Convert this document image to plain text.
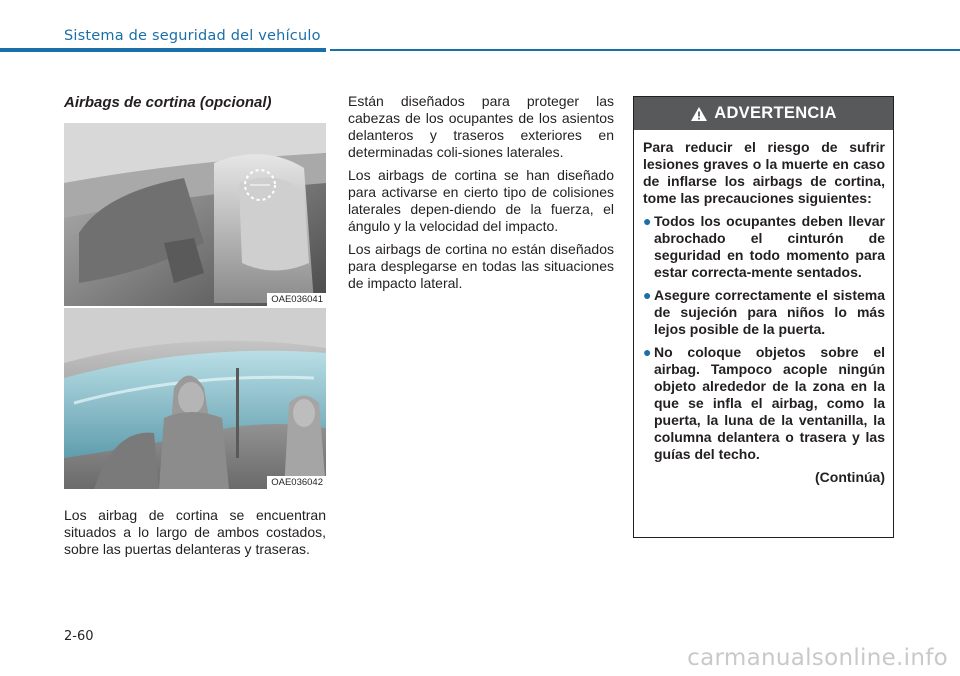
Sistema de seguridad del vehículo
Airbags de cortina (opcional)
OAE036041
OAE036042

Los airbag de cortina se encuentran situados a lo largo de ambos costados, sobre las puertas delanteras y traseras.

Están diseñados para proteger las cabezas de los ocupantes de los asientos delanteros y traseros exteriores en determinadas coli-siones laterales.

Los airbags de cortina se han diseñado para activarse en cierto tipo de colisiones laterales depen-diendo de la fuerza, el ángulo y la velocidad del impacto.

Los airbags de cortina no están diseñados para desplegarse en todas las situaciones de impacto lateral.

ADVERTENCIA

Para reducir el riesgo de sufrir lesiones graves o la muerte en caso de inflarse los airbags de cortina, tome las precauciones siguientes:

● Todos los ocupantes deben llevar abrochado el cinturón de seguridad en todo momento para estar correcta-mente sentados.
● Asegure correctamente el sistema de sujeción para niños lo más lejos posible de la puerta.
● No coloque objetos sobre el airbag. Tampoco acople ningún objeto alrededor de la zona en la que se infla el airbag, como la puerta, la luna de la ventanilla, la columna delantera o trasera y las guías del techo.
(Continúa)
2-60
carmanualsonline.info
